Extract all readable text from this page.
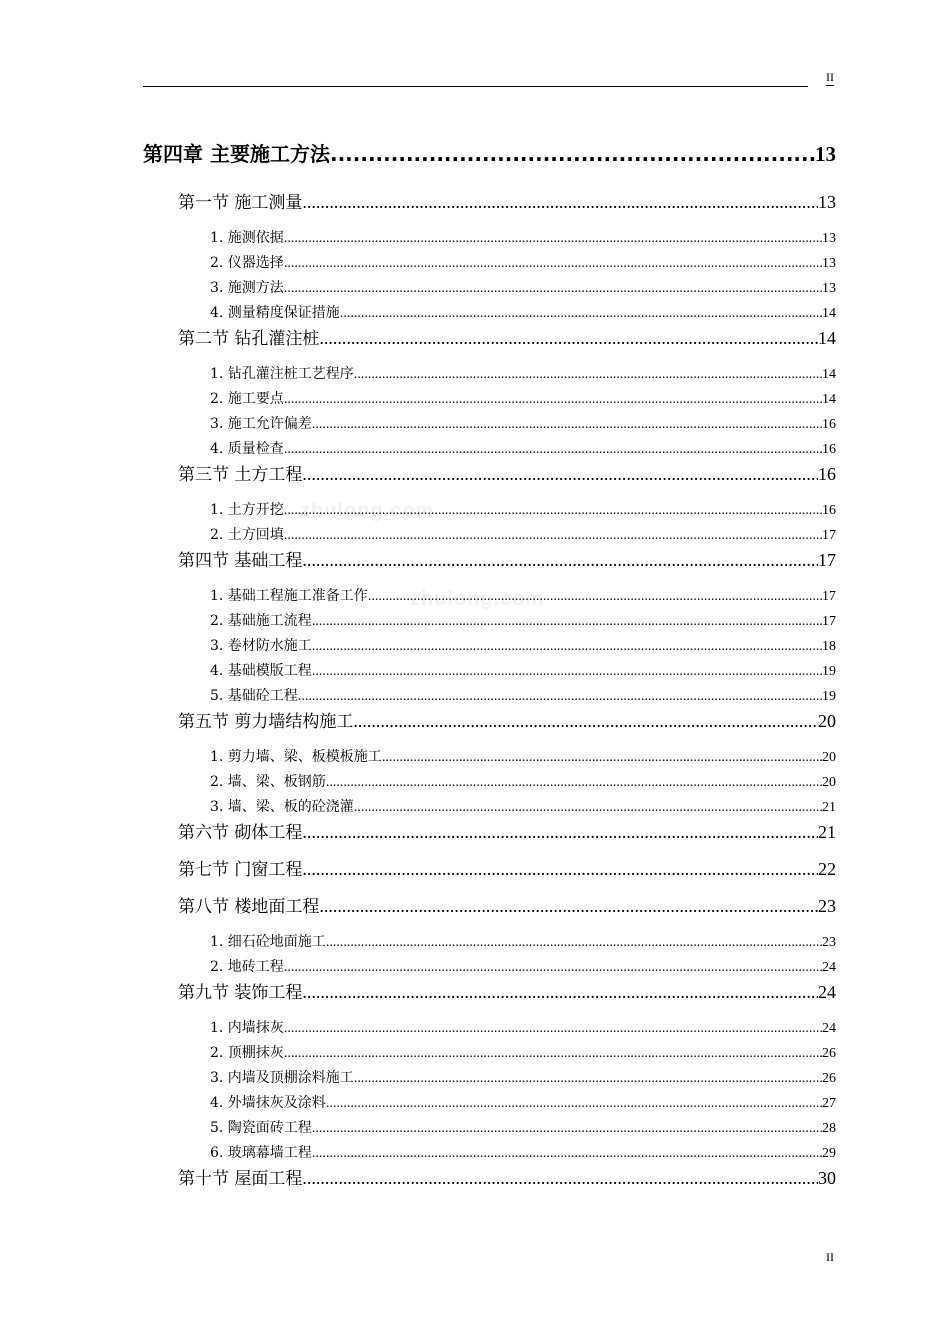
II
zhulong.com
zhulong.com
第四章 主要施工方法 .....	13
第一节 施工测量 .....	13
1. 施测依据 .....	13
2. 仪器选择 .....	13
3. 施测方法 .....	13
4. 测量精度保证措施 .....	14
第二节 钻孔灌注桩 .....	14
1. 钻孔灌注桩工艺程序 .....	14
2. 施工要点 .....	14
3. 施工允许偏差 .....	16
4. 质量检查 .....	16
第三节 土方工程 .....	16
1. 土方开挖 .....	16
2. 土方回填 .....	17
第四节 基础工程 .....	17
1. 基础工程施工准备工作 .....	17
2. 基础施工流程 .....	17
3. 卷材防水施工 .....	18
4. 基础模版工程 .....	19
5. 基础砼工程 .....	19
第五节 剪力墙结构施工 .....	20
1. 剪力墙、梁、板模板施工 .....	20
2. 墙、梁、板钢筋 .....	20
3. 墙、梁、板的砼浇灌 .....	21
第六节 砌体工程 .....	21
第七节 门窗工程 .....	22
第八节 楼地面工程 .....	23
1. 细石砼地面施工 .....	23
2. 地砖工程 .....	24
第九节 装饰工程 .....	24
1. 内墙抹灰 .....	24
2. 顶棚抹灰 .....	26
3. 内墙及顶棚涂料施工 .....	26
4. 外墙抹灰及涂料 .....	27
5. 陶瓷面砖工程 .....	28
6. 玻璃幕墙工程 .....	29
第十节 屋面工程 .....	30
II
